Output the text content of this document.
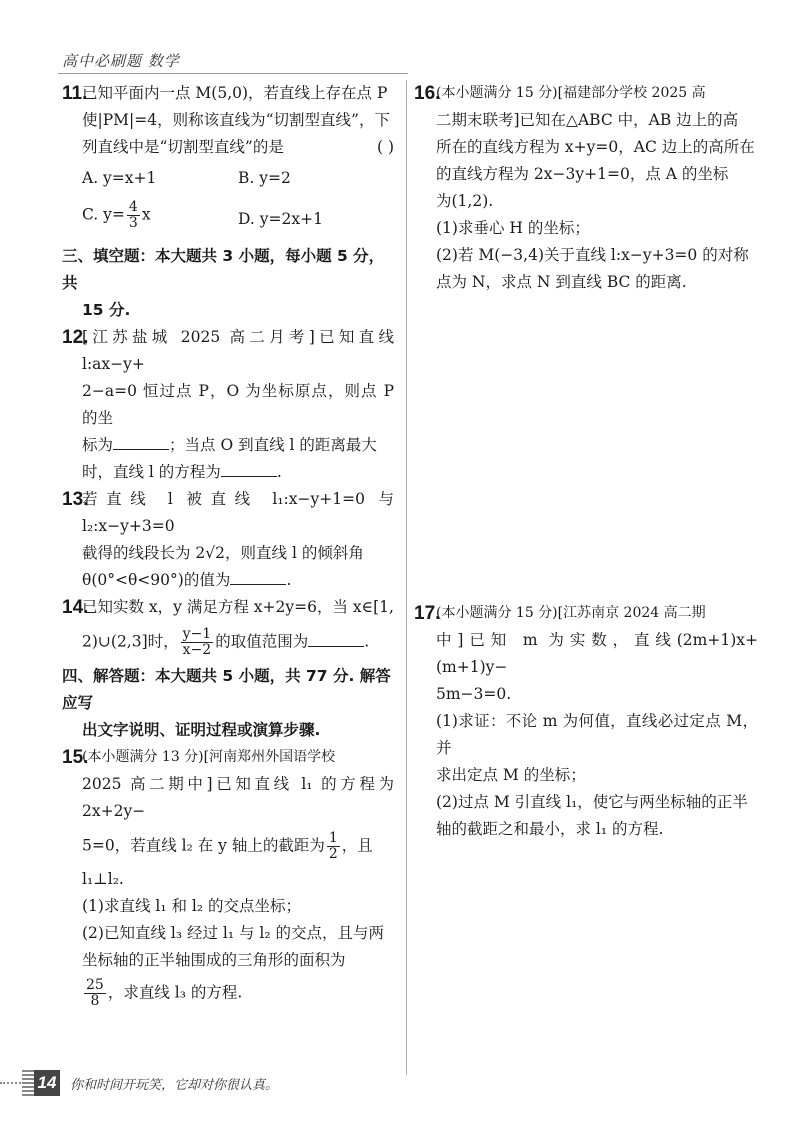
高中必刷题 数学
11.
已知平面内一点 M(5,0)，若直线上存在点 P
使|PM|=4，则称该直线为“切割型直线”，下
列直线中是“切割型直线”的是	( )
A. y=x+1	B. y=2
C. $y= \frac{4}{3}$ x	D. y=2x+1
三、填空题：本大题共 3 小题，每小题 5 分，共
15 分.
12.
[江苏盐城 2025 高二月考]已知直线 l:ax−y+
2−a=0 恒过点 P，O 为坐标原点，则点 P 的坐
标为	；当点 O 到直线 l 的距离最大
时，直线 l 的方程为	.
13.
若直线 l 被直线 l₁:x−y+1=0 与 l₂:x−y+3=0
截得的线段长为 2√2，则直线 l 的倾斜角
θ(0°<θ<90°)的值为	.
14.
已知实数 x，y 满足方程 x+2y=6，当 x∈[1,
2)∪(2,3]时， $\frac{y-1}{x-2}$ 的取值范围为	.
四、解答题：本大题共 5 小题，共 77 分. 解答应写
出文字说明、证明过程或演算步骤.
15.
(本小题满分 13 分)[河南郑州外国语学校
2025 高二期中]已知直线 l₁ 的方程为 2x+2y−
5=0，若直线 l₂ 在 y 轴上的截距为 $\frac{1}{2}$ ，且
l₁⊥l₂.
(1)求直线 l₁ 和 l₂ 的交点坐标；
(2)已知直线 l₃ 经过 l₁ 与 l₂ 的交点，且与两
坐标轴的正半轴围成的三角形的面积为
$\frac{25}{8}$ ，求直线 l₃ 的方程.
16.
(本小题满分 15 分)[福建部分学校 2025 高
二期末联考]已知在△ABC 中，AB 边上的高
所在的直线方程为 x+y=0，AC 边上的高所在
的直线方程为 2x−3y+1=0，点 A 的坐标
为(1,2).
(1)求垂心 H 的坐标；
(2)若 M(−3,4)关于直线 l:x−y+3=0 的对称
点为 N，求点 N 到直线 BC 的距离.
17.
(本小题满分 15 分)[江苏南京 2024 高二期
中]已知 m 为实数，直线(2m+1)x+(m+1)y−
5m−3=0.
(1)求证：不论 m 为何值，直线必过定点 M，并
求出定点 M 的坐标；
(2)过点 M 引直线 l₁，使它与两坐标轴的正半
轴的截距之和最小，求 l₁ 的方程.
14 你和时间开玩笑，它却对你很认真。
